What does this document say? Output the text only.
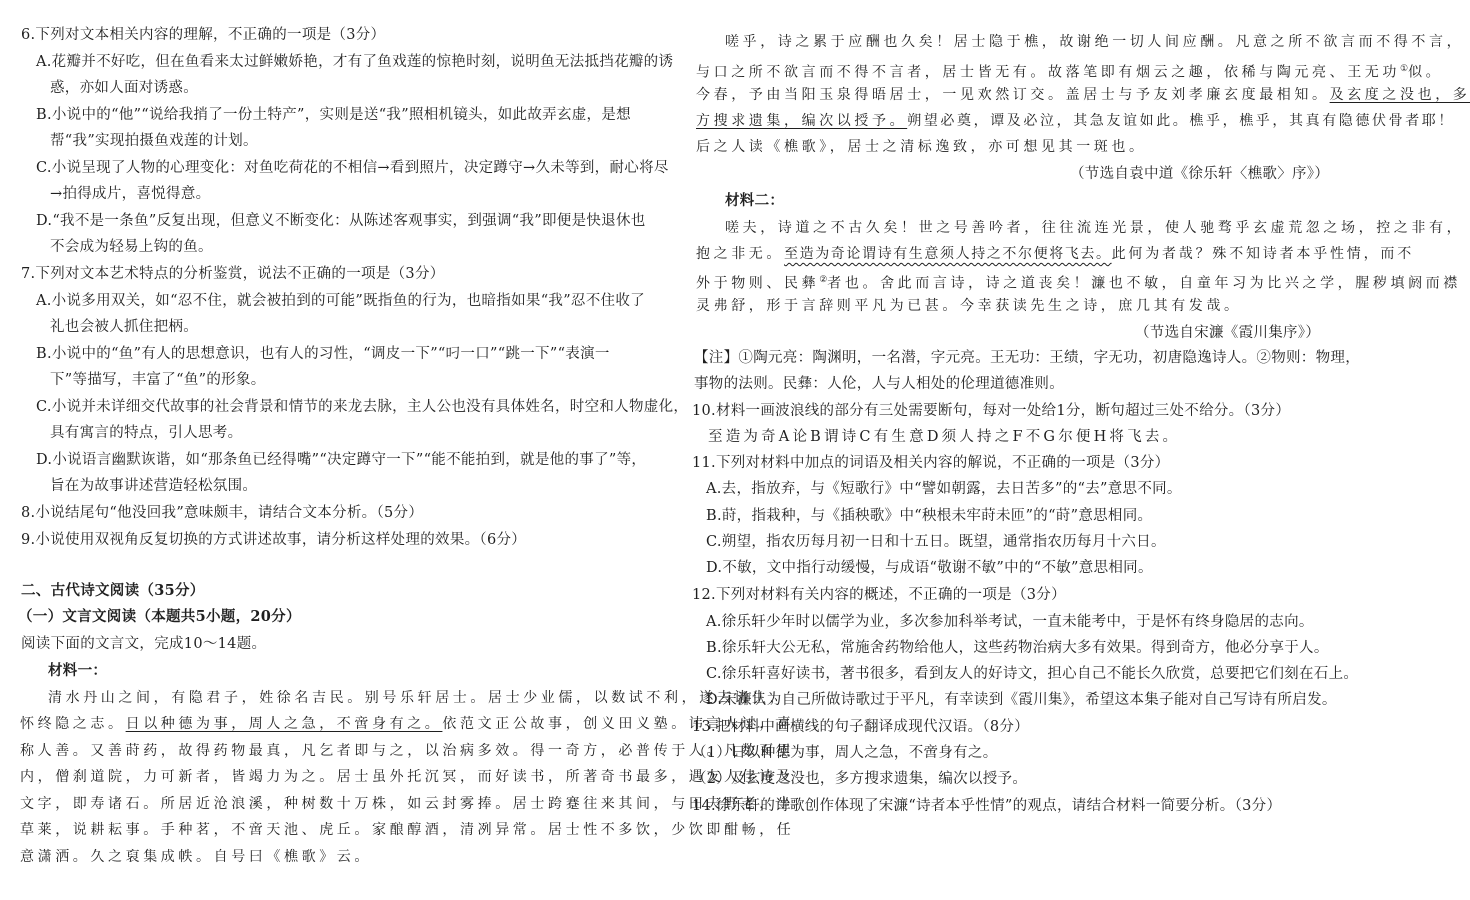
6.下列对文本相关内容的理解，不正确的一项是（3分）
A.花瓣并不好吃，但在鱼看来太过鲜嫩娇艳，才有了鱼戏莲的惊艳时刻，说明鱼无法抵挡花瓣的诱
惑，亦如人面对诱惑。
B.小说中的“他”“说给我捎了一份土特产”，实则是送“我”照相机镜头，如此故弄玄虚，是想
帮“我”实现拍摄鱼戏莲的计划。
C.小说呈现了人物的心理变化：对鱼吃荷花的不相信→看到照片，决定蹲守→久未等到，耐心将尽
→拍得成片，喜悦得意。
D.“我不是一条鱼”反复出现，但意义不断变化：从陈述客观事实，到强调“我”即便是快退休也
不会成为轻易上钩的鱼。
7.下列对文本艺术特点的分析鉴赏，说法不正确的一项是（3分）
A.小说多用双关，如“忍不住，就会被拍到的可能”既指鱼的行为，也暗指如果“我”忍不住收了
礼也会被人抓住把柄。
B.小说中的“鱼”有人的思想意识，也有人的习性，“调皮一下”“叼一口”“跳一下”“表演一
下”等描写，丰富了“鱼”的形象。
C.小说并未详细交代故事的社会背景和情节的来龙去脉，主人公也没有具体姓名，时空和人物虚化，
具有寓言的特点，引人思考。
D.小说语言幽默诙谐，如“那条鱼已经得嘴”“决定蹲守一下”“能不能拍到，就是他的事了”等，
旨在为故事讲述营造轻松氛围。
8.小说结尾句“他没回我”意味颇丰，请结合文本分析。（5分）
9.小说使用双视角反复切换的方式讲述故事，请分析这样处理的效果。（6分）
二、古代诗文阅读（35分）
（一）文言文阅读（本题共5小题，20分）
阅读下面的文言文，完成10～14题。
材料一：
清水丹山之间，有隐君子，姓徐名吉民。别号乐轩居士。居士少业儒，以数试不利，遂去诸生，
怀终隐之志。日以种德为事，周人之急，不啻身有之。依范文正公故事，创义田义塾。讳言人过，喜
称人善。又善莳药，故得药物最真，凡乞者即与之，以治病多效。得一奇方，必普传于人。凡数百里
内，僧刹道院，力可新者，皆竭力为之。居士虽外托沉冥，而好读书，所著奇书最多，遇友人佳诗及
文字，即寿诸石。所居近沧浪溪，种树数十万株，如云封雾捧。居士跨蹇往来其间，与田夫野老，坐
草莱，说耕耘事。手种茗，不啻天池、虎丘。家酿醇酒，清冽异常。居士性不多饮，少饮即酣畅，任
意潇洒。久之裒集成帙。自号曰《樵歌》云。
嗟乎，诗之累于应酬也久矣！居士隐于樵，故谢绝一切人间应酬。凡意之所不欲言而不得不言，
与口之所不欲言而不得不言者，居士皆无有。故落笔即有烟云之趣，依稀与陶元亮、王无功①似。
今春，予由当阳玉泉得晤居士，一见欢然订交。盖居士与予友刘孝廉玄度最相知。及玄度之没也，多
方搜求遗集，编次以授予。朔望必奠，谭及必泣，其急友谊如此。樵乎，樵乎，其真有隐德伏骨者耶！
后之人读《樵歌》，居士之清标逸致，亦可想见其一斑也。
（节选自袁中道《徐乐轩〈樵歌〉序》）
材料二：
嗟夫，诗道之不古久矣！世之号善吟者，往往流连光景，使人驰骛乎玄虚荒忽之场，控之非有，
抱之非无。至造为奇论谓诗有生意须人持之不尔便将飞去。此何为者哉？殊不知诗者本乎性情，而不
外于物则、民彝②者也。舍此而言诗，诗之道丧矣！濂也不敏，自童年习为比兴之学，腥秽填阏而襟
灵弗舒，形于言辞则平凡为已甚。今幸获读先生之诗，庶几其有发哉。
（节选自宋濂《霞川集序》）
【注】①陶元亮：陶渊明，一名潜，字元亮。王无功：王绩，字无功，初唐隐逸诗人。②物则：物理，
事物的法则。民彝：人伦，人与人相处的伦理道德准则。
10.材料一画波浪线的部分有三处需要断句，每对一处给1分，断句超过三处不给分。（3分）
至造为奇A论B谓诗C有生意D须人持之F不G尔便H将飞去。
11.下列对材料中加点的词语及相关内容的解说，不正确的一项是（3分）
A.去，指放弃，与《短歌行》中“譬如朝露，去日苦多”的“去”意思不同。
B.莳，指栽种，与《插秧歌》中“秧根未牢莳未匝”的“莳”意思相同。
C.朔望，指农历每月初一日和十五日。既望，通常指农历每月十六日。
D.不敏，文中指行动缓慢，与成语“敬谢不敏”中的“不敏”意思相同。
12.下列对材料有关内容的概述，不正确的一项是（3分）
A.徐乐轩少年时以儒学为业，多次参加科举考试，一直未能考中，于是怀有终身隐居的志向。
B.徐乐轩大公无私，常施舍药物给他人，这些药物治病大多有效果。得到奇方，他必分享于人。
C.徐乐轩喜好读书，著书很多，看到友人的好诗文，担心自己不能长久欣赏，总要把它们刻在石上。
D.宋濂认为自己所做诗歌过于平凡，有幸读到《霞川集》，希望这本集子能对自己写诗有所启发。
13.把材料中画横线的句子翻译成现代汉语。（8分）
（1）日以种德为事，周人之急，不啻身有之。
（2）及玄度之没也，多方搜求遗集，编次以授予。
14.徐乐轩的诗歌创作体现了宋濂“诗者本乎性情”的观点，请结合材料一简要分析。（3分）
